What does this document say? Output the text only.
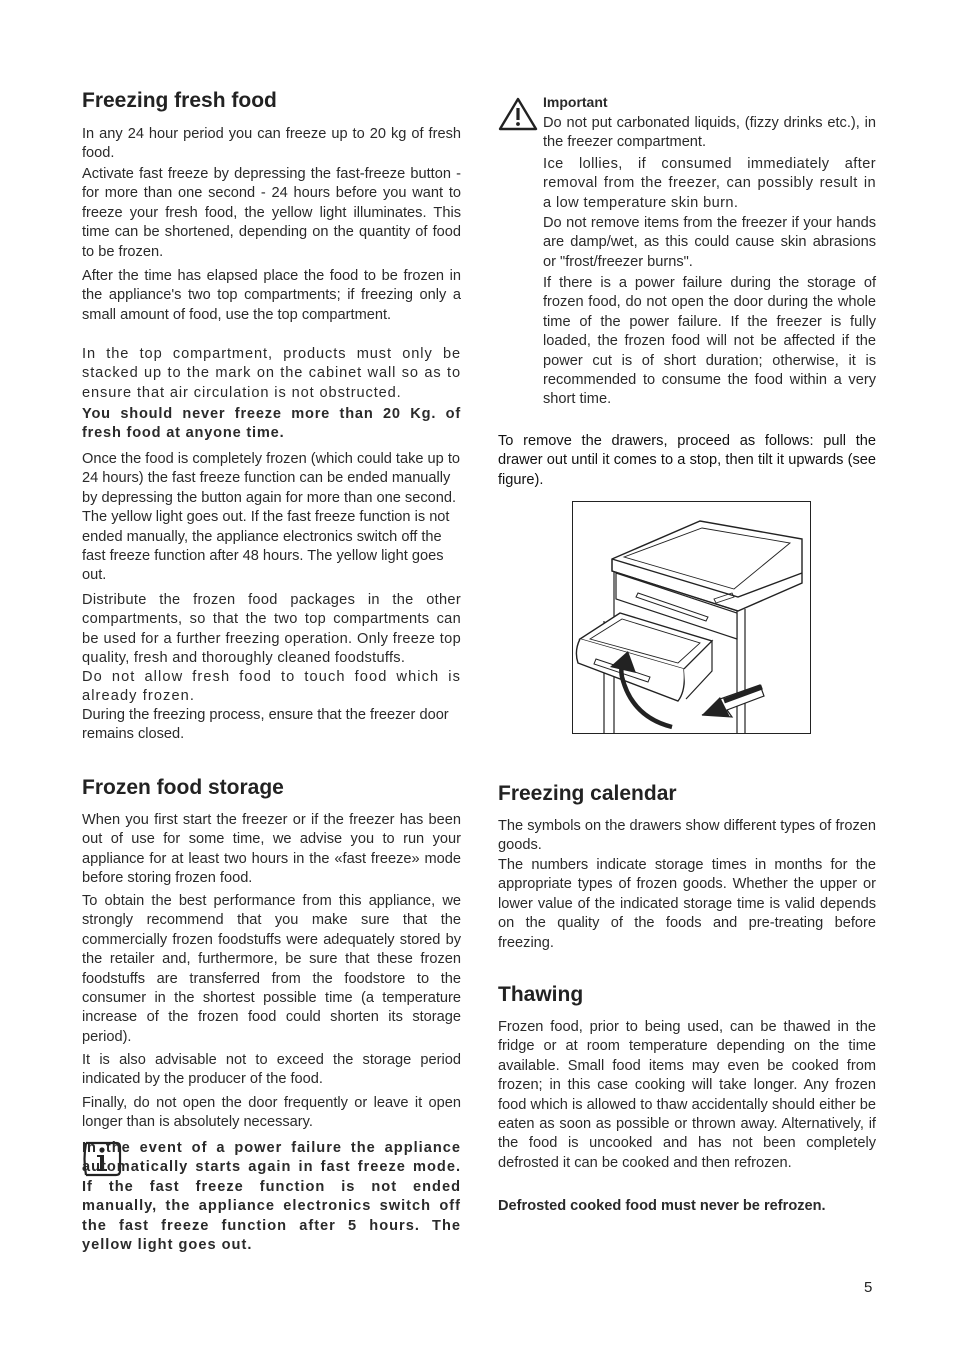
Freezing fresh food

In any 24 hour period you can freeze up to 20 kg of fresh food.

Activate fast freeze by depressing the fast-freeze button - for more than one second - 24 hours before you want to freeze your fresh food, the yellow light illuminates. This time can be shortened, depending on the quantity of food to be frozen.

After the time has elapsed place the food to be frozen in the appliance's two top compartments; if freezing only a small amount of food, use the top compartment.

In the top compartment, products must only be stacked up to the mark on the cabinet wall so as to ensure that air circulation is not obstructed.

You should never freeze more than 20 Kg. of fresh food at anyone time.

Once the food is completely frozen (which could take up to 24 hours) the fast freeze function can be ended manually by depressing the button again for more than one second. The yellow light goes out. If the fast freeze function is not ended manually, the appliance electronics switch off the fast freeze function after 48 hours. The yellow light goes out.

Distribute the frozen food packages in the other compartments, so that the two top compartments can be used for a further freezing operation. Only freeze top quality, fresh and thoroughly cleaned foodstuffs.

Do not allow fresh food to touch food which is already frozen.

During the freezing process, ensure that the freezer door remains closed.

Frozen food storage

When you first start the freezer or if the freezer has been out of use for some time, we advise you to run your appliance for at least two hours in the «fast freeze» mode before storing frozen food.

To obtain the best performance from this appliance, we strongly recommend that you make sure that the commercially frozen foodstuffs were adequately stored by the retailer and, furthermore, be sure that these frozen foodstuffs are transferred from the foodstore to the consumer in the shortest possible time (a temperature increase of the frozen food could shorten its storage period).

It is also advisable not to exceed the storage period indicated by the producer of the food.

Finally, do not open the door frequently or leave it open longer than is absolutely necessary.

In the event of a power failure the appliance automatically starts again in fast freeze mode. If the fast freeze function is not ended manually, the appliance electronics switch off the fast freeze function after 5 hours. The yellow light goes out.

Important

Do not put carbonated liquids, (fizzy drinks etc.), in the freezer compartment.

Ice lollies, if consumed immediately after removal from the freezer, can possibly result in a low temperature skin burn.

Do not remove items from the freezer if your hands are damp/wet, as this could cause skin abrasions or "frost/freezer burns".

If there is a power failure during the storage of frozen food, do not open the door during the whole time of the power failure. If the freezer is fully loaded, the frozen food will not be affected if the power cut is of short duration; otherwise, it is recommended to consume the food within a very short time.

To remove the drawers, proceed as follows: pull the drawer out until it comes to a stop, then tilt it upwards (see figure).

Freezing calendar

The symbols on the drawers show different types of frozen goods.

The numbers indicate storage times in months for the appropriate types of frozen goods. Whether the upper or lower value of the indicated storage time is valid depends on the quality of the foods and pre-treating before freezing.

Thawing

Frozen food, prior to being used, can be thawed in the fridge or at room temperature depending on the time available. Small food items may even be cooked from frozen; in this case cooking will take longer. Any frozen food which is allowed to thaw accidentally should either be eaten as soon as possible or thrown away. Alternatively, if the food is uncooked and has not been completely defrosted it can be cooked and then refrozen.

Defrosted cooked food must never be refrozen.

5
